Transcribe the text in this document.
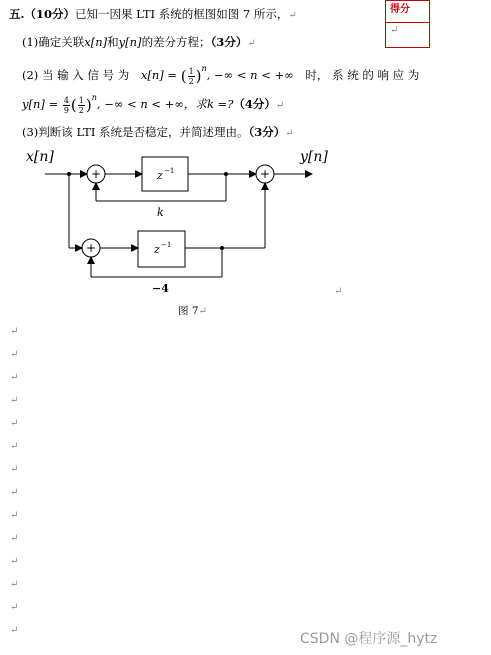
五.（10分）已知一因果 LTI 系统的框图如图 7 所示，↵
得分
↵
(1)确定关联x[n]和y[n]的差分方程；（3分）↵
(2) 当 输 入 信 号 为 x[n] = ( $\frac{1}{2} )^n$, −∞ < n < +∞ 时， 系 统 的 响 应 为
$y[n] = \frac{4}{9}$ ( $\frac{1}{2} )^n$, −∞ < n < +∞，求k =?（4分）↵
(3)判断该 LTI 系统是否稳定，并简述理由。（3分）↵
+	+
+
x[n]	y[n]
z −1
z −1
k
−4	↵
图 7↵
↵
↵
↵
↵
↵
↵
↵
↵
↵
↵
↵
↵
↵
↵
CSDN @程序源_hytz
